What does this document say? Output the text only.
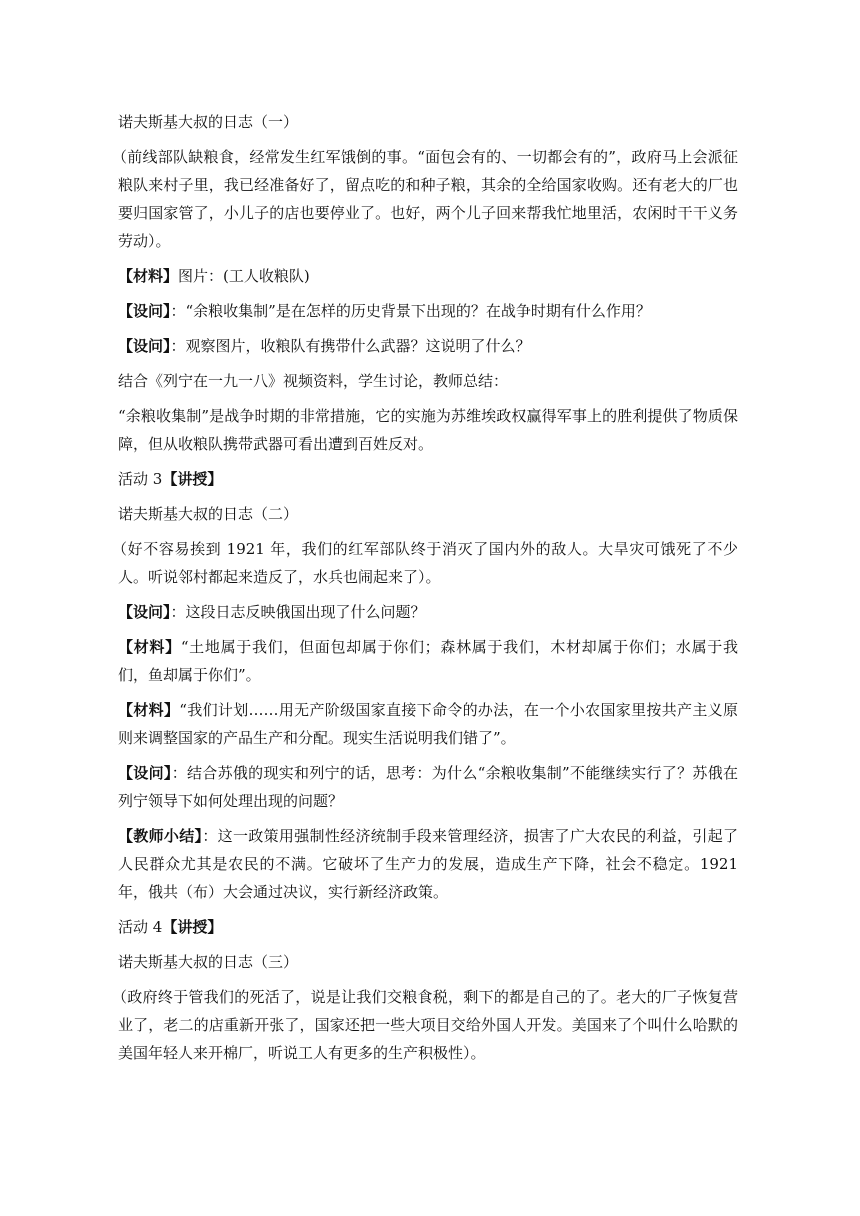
诺夫斯基大叔的日志（一）

（前线部队缺粮食，经常发生红军饿倒的事。“面包会有的、一切都会有的”，政府马上会派征粮队来村子里，我已经准备好了，留点吃的和种子粮，其余的全给国家收购。还有老大的厂也要归国家管了，小儿子的店也要停业了。也好，两个儿子回来帮我忙地里活，农闲时干干义务劳动）。

【材料】图片：(工人收粮队)

【设问】：“余粮收集制”是在怎样的历史背景下出现的？在战争时期有什么作用？

【设问】：观察图片，收粮队有携带什么武器？这说明了什么？

结合《列宁在一九一八》视频资料，学生讨论，教师总结：

“余粮收集制”是战争时期的非常措施，它的实施为苏维埃政权赢得军事上的胜利提供了物质保障，但从收粮队携带武器可看出遭到百姓反对。

活动 3【讲授】

诺夫斯基大叔的日志（二）

（好不容易挨到 1921 年，我们的红军部队终于消灭了国内外的敌人。大旱灾可饿死了不少人。听说邻村都起来造反了，水兵也闹起来了）。

【设问】：这段日志反映俄国出现了什么问题？

【材料】“土地属于我们，但面包却属于你们；森林属于我们，木材却属于你们；水属于我们，鱼却属于你们”。

【材料】“我们计划……用无产阶级国家直接下命令的办法，在一个小农国家里按共产主义原则来调整国家的产品生产和分配。现实生活说明我们错了”。

【设问】：结合苏俄的现实和列宁的话，思考：为什么“余粮收集制”不能继续实行了？苏俄在列宁领导下如何处理出现的问题？

【教师小结】：这一政策用强制性经济统制手段来管理经济，损害了广大农民的利益，引起了人民群众尤其是农民的不满。它破坏了生产力的发展，造成生产下降，社会不稳定。1921 年，俄共（布）大会通过决议，实行新经济政策。

活动 4【讲授】

诺夫斯基大叔的日志（三）

（政府终于管我们的死活了，说是让我们交粮食税，剩下的都是自己的了。老大的厂子恢复营业了，老二的店重新开张了，国家还把一些大项目交给外国人开发。美国来了个叫什么哈默的美国年轻人来开棉厂，听说工人有更多的生产积极性）。
